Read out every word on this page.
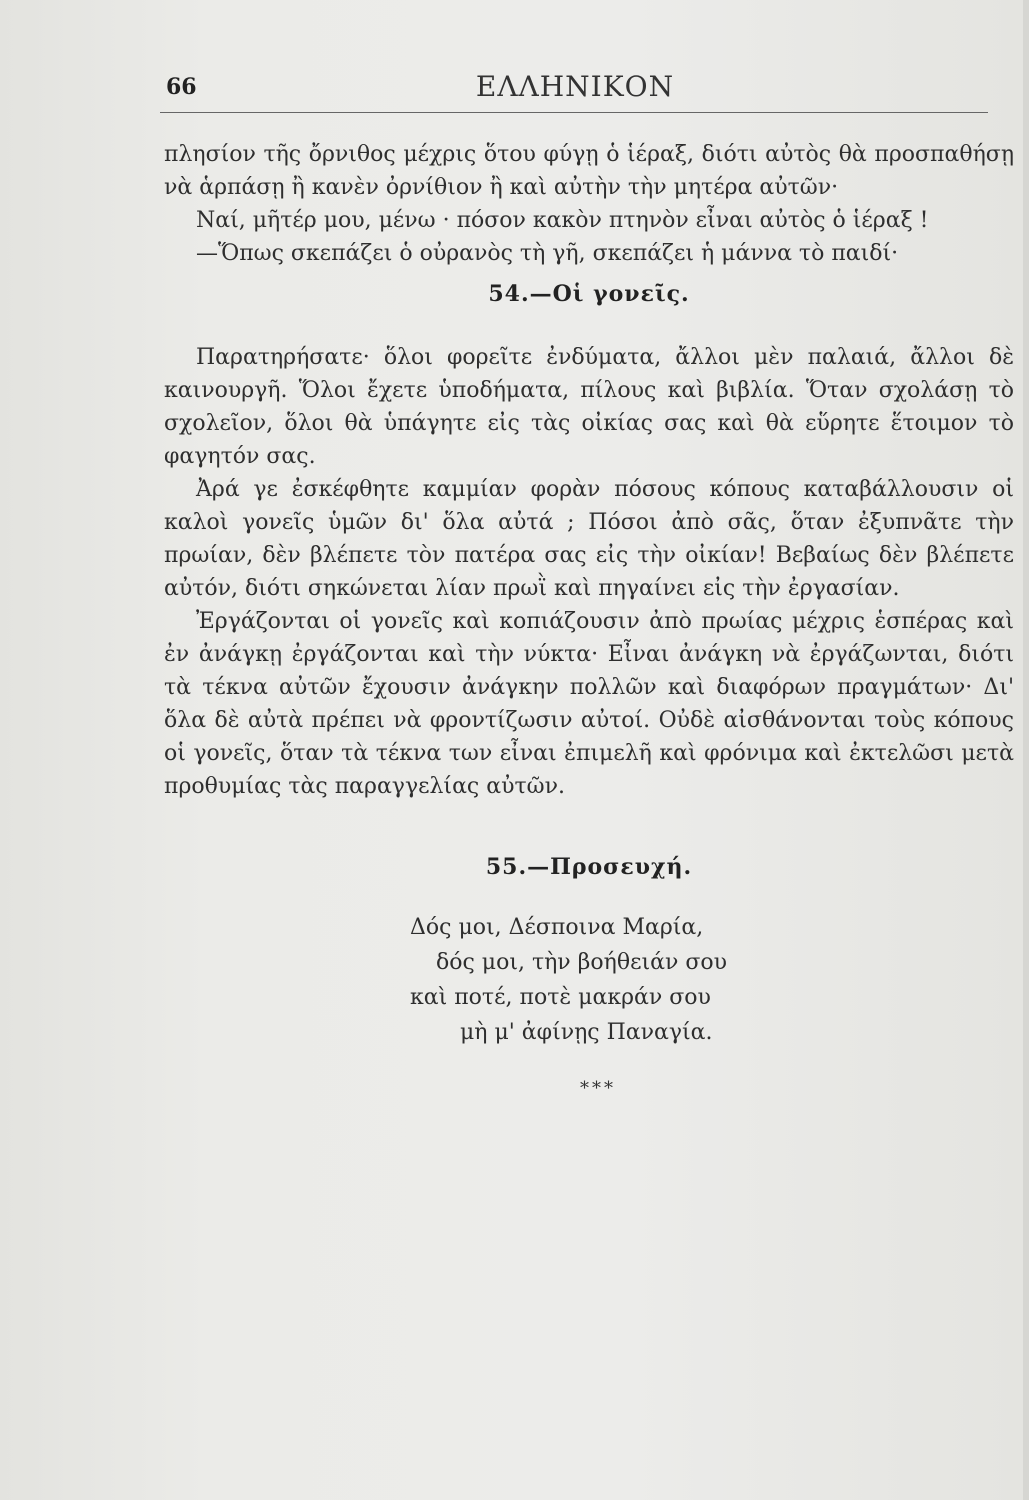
66	ΕΛΛΗΝΙΚΟΝ

πλησίον τῆς ὄρνιθος μέχρις ὅτου φύγῃ ὁ ἱέραξ, διότι αὐτὸς θὰ προσπαθήσῃ νὰ ἁρπάσῃ ἢ κανὲν ὀρνίθιον ἢ καὶ αὐτὴν τὴν μητέρα αὐτῶν·

Ναί, μῆτέρ μου, μένω · πόσον κακὸν πτηνὸν εἶναι αὐτὸς ὁ ἱέραξ !

—Ὅπως σκεπάζει ὁ οὐρανὸς τὴ γῆ, σκεπάζει ἡ μάννα τὸ παιδί·

54.—Οἱ γονεῖς.

Παρατηρήσατε· ὅλοι φορεῖτε ἐνδύματα, ἄλλοι μὲν παλαιά, ἄλλοι δὲ καινουργῆ. Ὅλοι ἔχετε ὑποδήματα, πίλους καὶ βιβλία. Ὅταν σχολάσῃ τὸ σχολεῖον, ὅλοι θὰ ὑπάγητε εἰς τὰς οἰκίας σας καὶ θὰ εὕρητε ἕτοιμον τὸ φαγητόν σας.

Ἀρά γε ἐσκέφθητε καμμίαν φορὰν πόσους κόπους καταβάλλουσιν οἱ καλοὶ γονεῖς ὑμῶν δι' ὅλα αὐτά ; Πόσοι ἀπὸ σᾶς, ὅταν ἐξυπνᾶτε τὴν πρωίαν, δὲν βλέπετε τὸν πατέρα σας εἰς τὴν οἰκίαν! Βεβαίως δὲν βλέπετε αὐτόν, διότι σηκώνεται λίαν πρωῒ καὶ πηγαίνει εἰς τὴν ἐργασίαν.

Ἐργάζονται οἱ γονεῖς καὶ κοπιάζουσιν ἀπὸ πρωίας μέχρις ἑσπέρας καὶ ἐν ἀνάγκῃ ἐργάζονται καὶ τὴν νύκτα· Εἶναι ἀνάγκη νὰ ἐργάζωνται, διότι τὰ τέκνα αὐτῶν ἔχουσιν ἀνάγκην πολλῶν καὶ διαφόρων πραγμάτων· Δι' ὅλα δὲ αὐτὰ πρέπει νὰ φροντίζωσιν αὐτοί. Οὐδὲ αἰσθάνονται τοὺς κόπους οἱ γονεῖς, ὅταν τὰ τέκνα των εἶναι ἐπιμελῆ καὶ φρόνιμα καὶ ἐκτελῶσι μετὰ προθυμίας τὰς παραγγελίας αὐτῶν.

55.—Προσευχή.
Δός μοι, Δέσποινα Μαρία,
δός μοι, τὴν βοήθειάν σου
καὶ ποτέ, ποτὲ μακράν σου
μὴ μ' ἀφίνῃς Παναγία.
***
